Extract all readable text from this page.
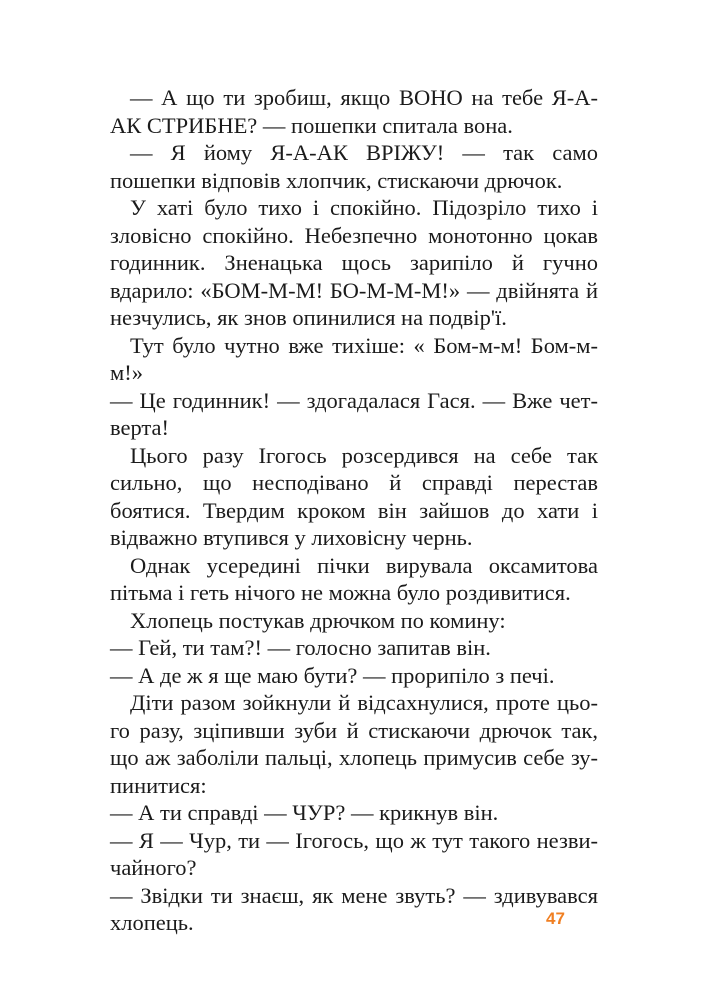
— А що ти зробиш, якщо ВОНО на тебе Я-А-АК СТРИБНЕ? — пошепки спитала вона.

— Я йому Я-А-АК ВРІЖУ! — так само пошепки відповів хлопчик, стискаючи дрючок.

У хаті було тихо і спокійно. Підозріло тихо і зловісно спокійно. Небезпечно монотонно цокав годинник. Зненацька щось зарипіло й гучно вдарило: «БОМ-М-М! БО-М-М-М!» — двійнята й незчулись, як знов опинилися на подвір'ї.

Тут було чутно вже тихіше: « Бом-м-м! Бом-м-м!»

— Це годинник! — здогадалася Гася. — Вже четверта!

Цього разу Ігогось розсердився на себе так сильно, що несподівано й справді перестав боятися. Твердим кроком він зайшов до хати і відважно втупився у лиховісну чернь.

Однак усередині пічки вирувала оксамитова пітьма і геть нічого не можна було роздивитися.

Хлопець постукав дрючком по комину:

— Гей, ти там?! — голосно запитав він.

— А де ж я ще маю бути? — прорипіло з печі.

Діти разом зойкнули й відсахнулися, проте цього разу, зціпивши зуби й стискаючи дрючок так, що аж заболіли пальці, хлопець примусив себе зупинитися:

— А ти справді — ЧУР? — крикнув він.

— Я — Чур, ти — Ігогось, що ж тут такого незвичайного?

— Звідки ти знаєш, як мене звуть? — здивувався хлопець.	47
